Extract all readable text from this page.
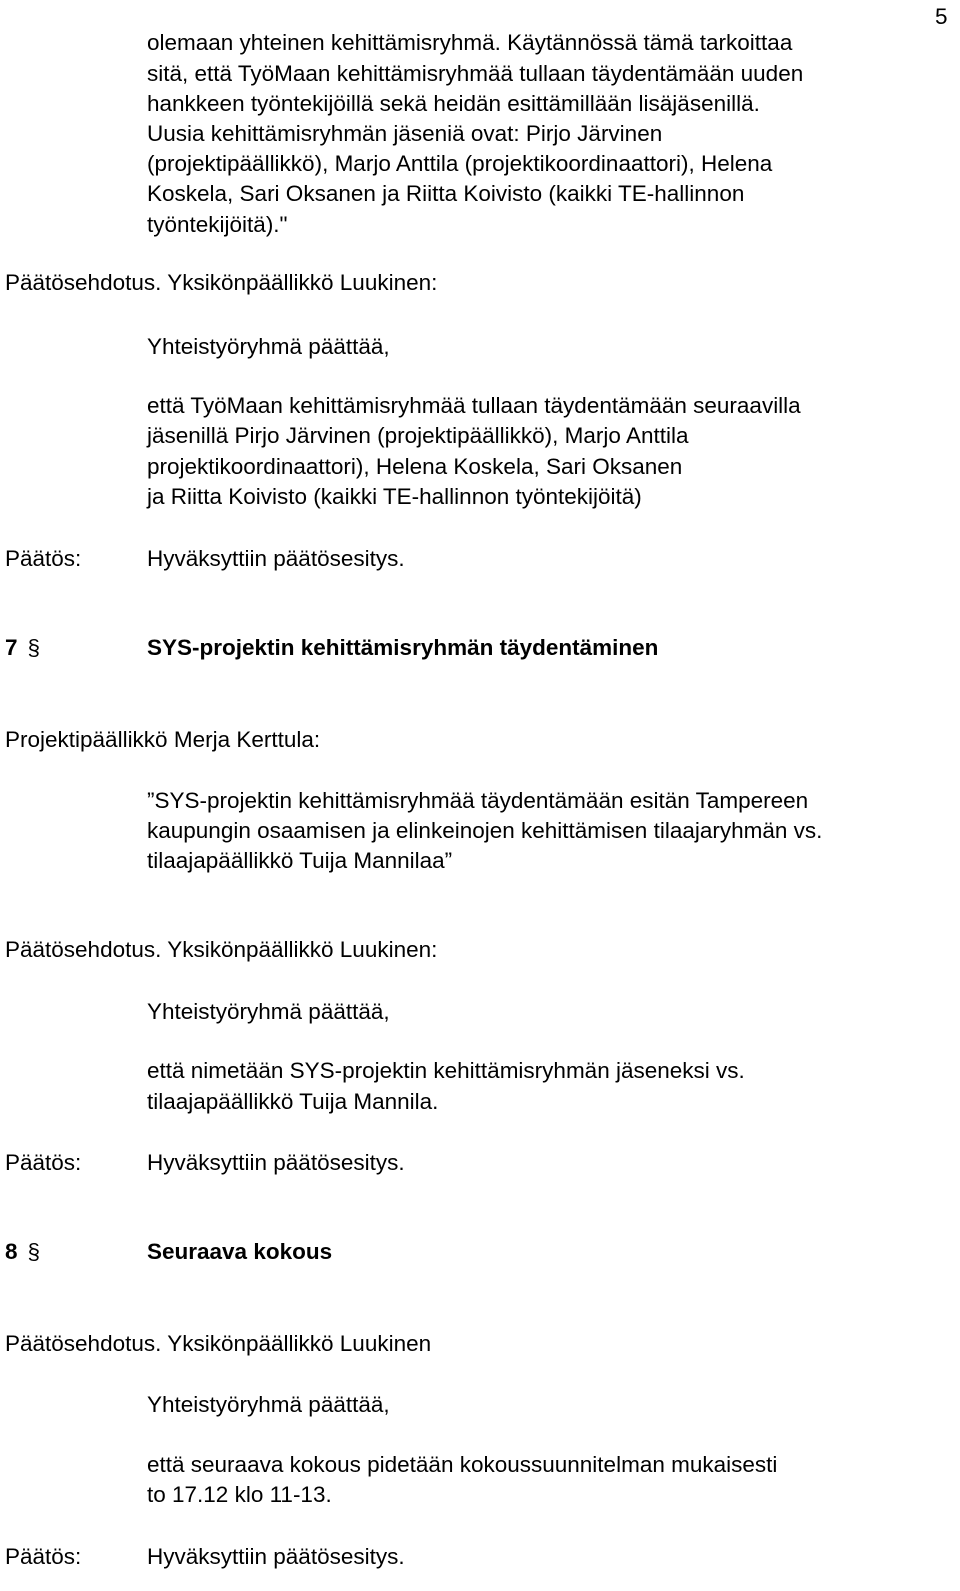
5
olemaan yhteinen kehittämisryhmä. Käytännössä tämä tarkoittaa
sitä, että TyöMaan kehittämisryhmää tullaan täydentämään uuden
hankkeen työntekijöillä sekä heidän esittämillään lisäjäsenillä.
Uusia kehittämisryhmän jäseniä ovat: Pirjo Järvinen
(projektipäällikkö), Marjo Anttila (projektikoordinaattori), Helena
Koskela, Sari Oksanen ja Riitta Koivisto (kaikki TE-hallinnon
työntekijöitä)."
Päätösehdotus. Yksikönpäällikkö Luukinen:
Yhteistyöryhmä päättää,
että TyöMaan kehittämisryhmää tullaan täydentämään seuraavilla
jäsenillä Pirjo Järvinen (projektipäällikkö), Marjo Anttila
projektikoordinaattori), Helena Koskela, Sari Oksanen
ja Riitta Koivisto (kaikki TE-hallinnon työntekijöitä)
Päätös:	Hyväksyttiin päätösesitys.
7 §	SYS-projektin kehittämisryhmän täydentäminen
Projektipäällikkö Merja Kerttula:
”SYS-projektin kehittämisryhmää täydentämään esitän Tampereen
kaupungin osaamisen ja elinkeinojen kehittämisen tilaajaryhmän vs.
tilaajapäällikkö Tuija Mannilaa”
Päätösehdotus. Yksikönpäällikkö Luukinen:
Yhteistyöryhmä päättää,
että nimetään SYS-projektin kehittämisryhmän jäseneksi vs.
tilaajapäällikkö Tuija Mannila.
Päätös:	Hyväksyttiin päätösesitys.
8 §	Seuraava kokous
Päätösehdotus. Yksikönpäällikkö Luukinen
Yhteistyöryhmä päättää,
että seuraava kokous pidetään kokoussuunnitelman mukaisesti
to 17.12 klo 11-13.
Päätös:	Hyväksyttiin päätösesitys.
